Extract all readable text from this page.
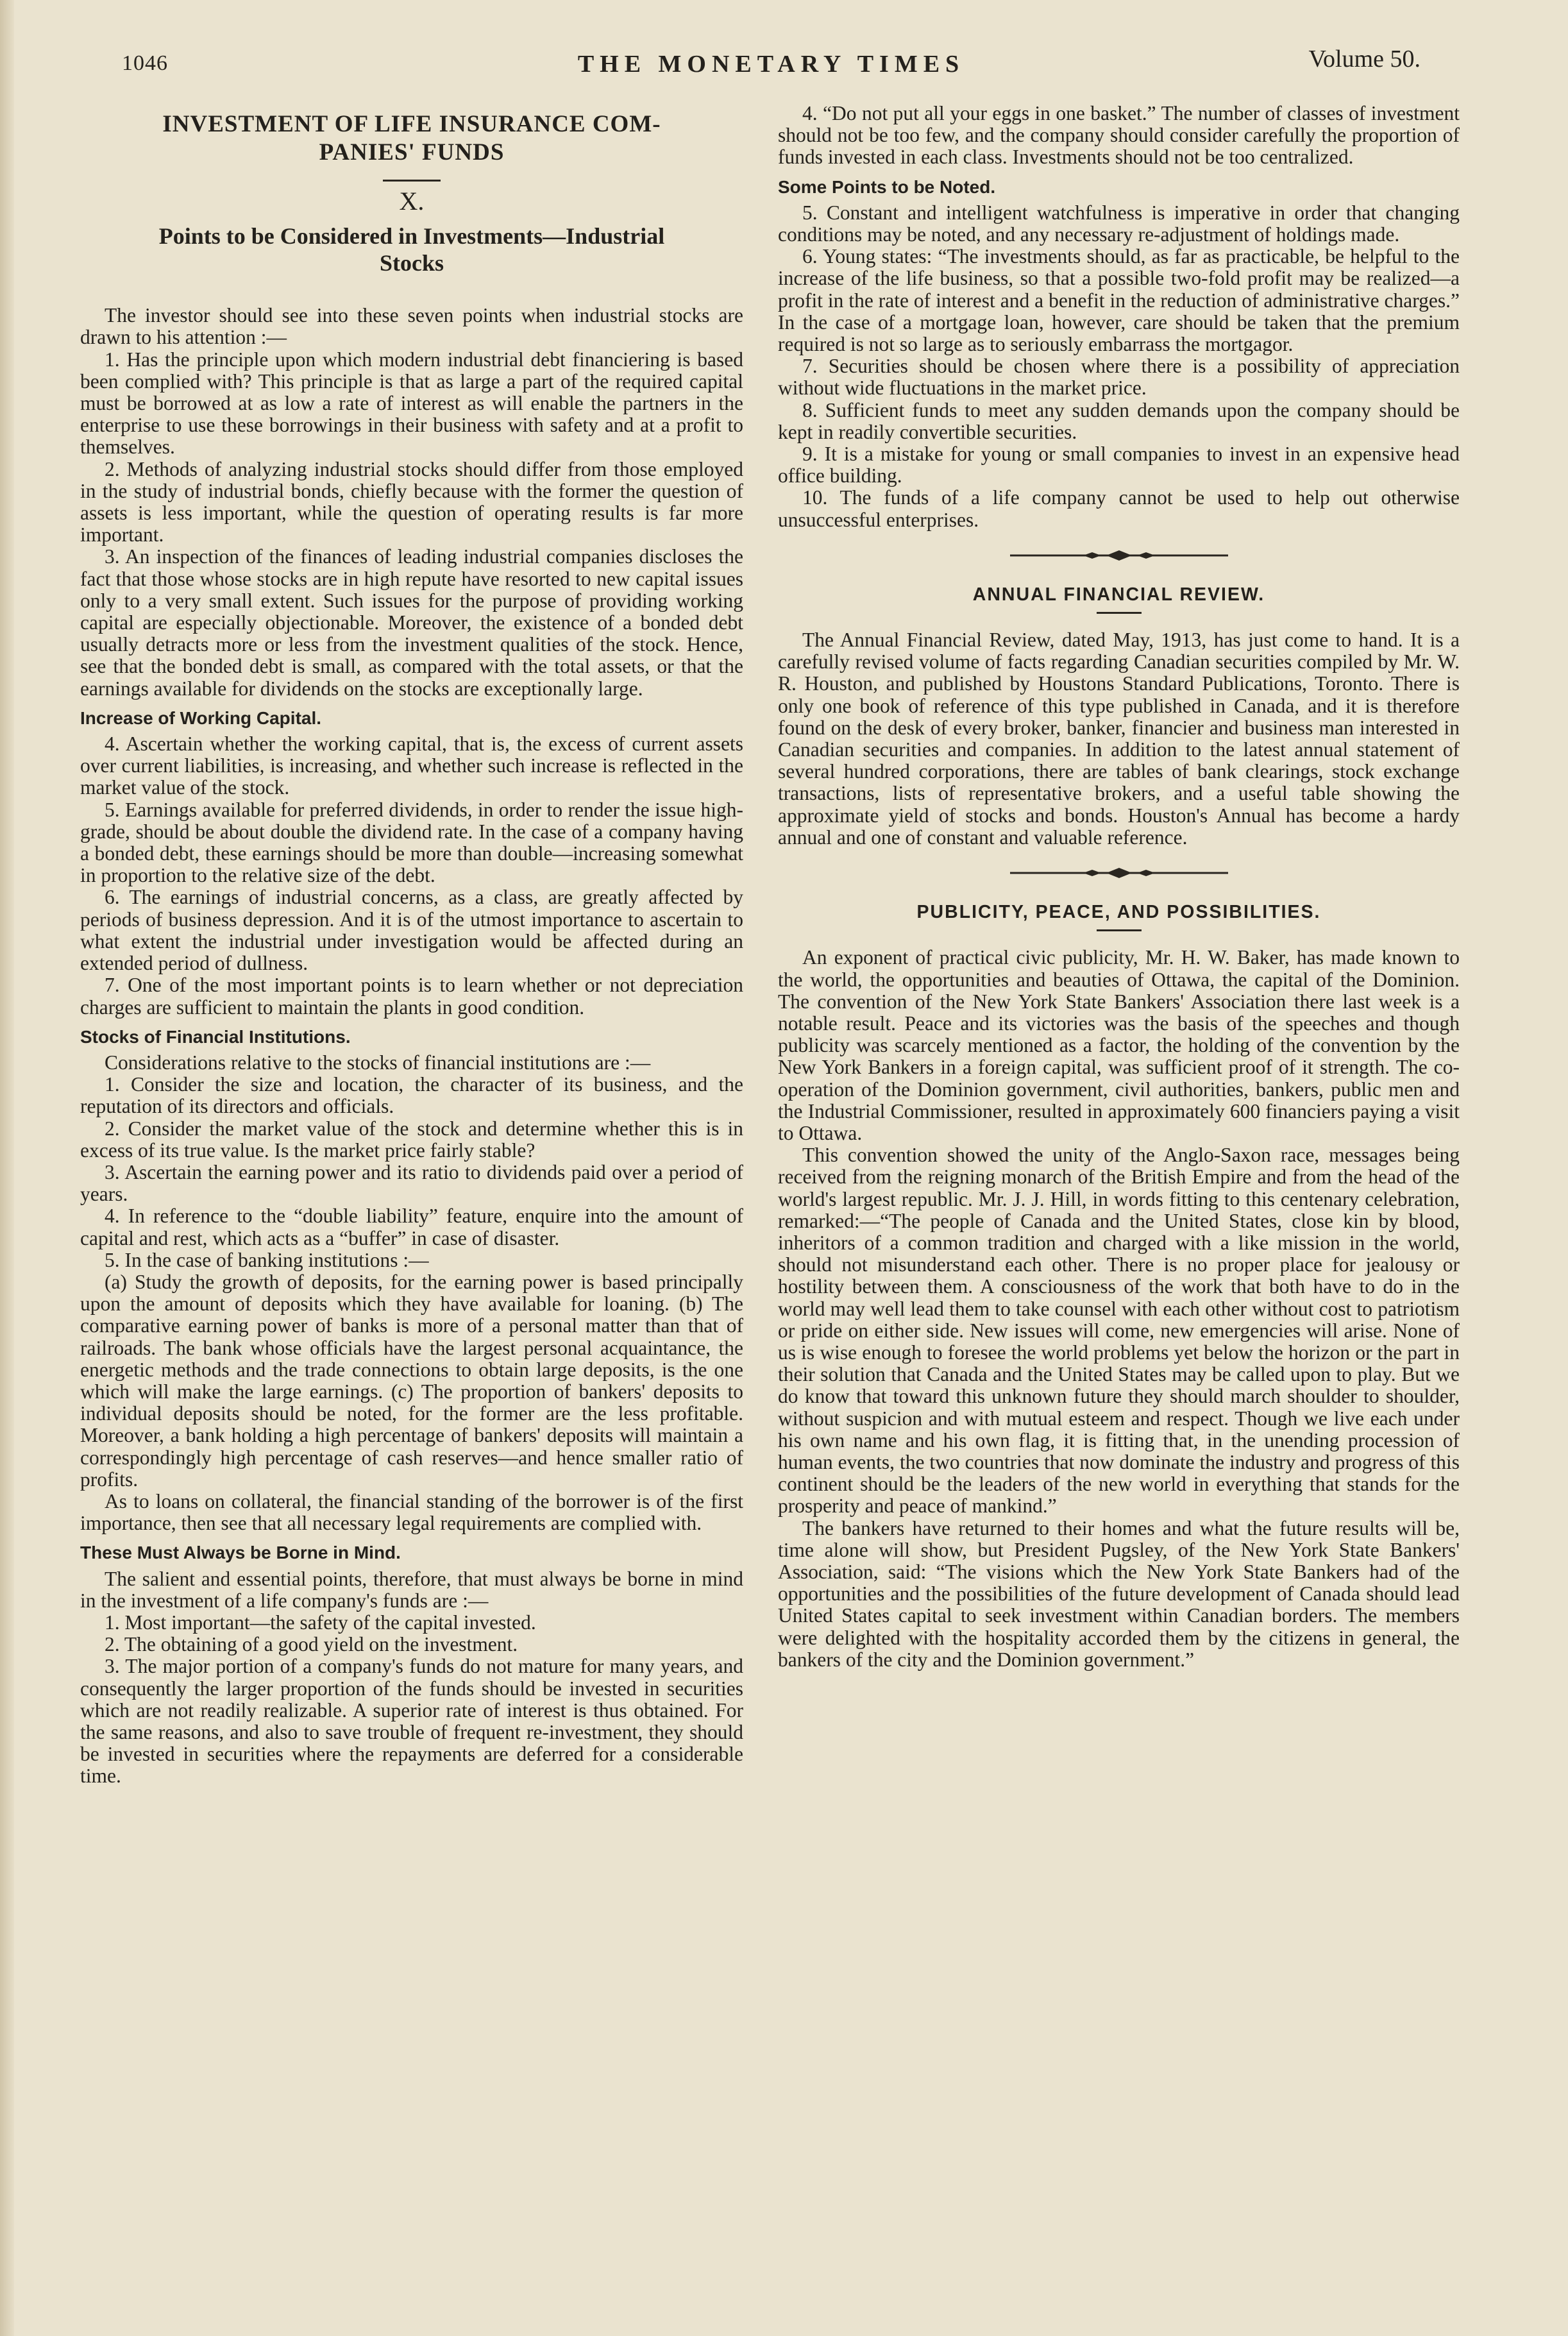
1046	THE MONETARY TIMES	Volume 50.
INVESTMENT OF LIFE INSURANCE COM-
PANIES' FUNDS
X.
Points to be Considered in Investments—Industrial
Stocks

The investor should see into these seven points when industrial stocks are drawn to his attention :—

1. Has the principle upon which modern industrial debt financiering is based been complied with? This principle is that as large a part of the required capital must be borrowed at as low a rate of interest as will enable the partners in the enterprise to use these borrowings in their business with safety and at a profit to themselves.

2. Methods of analyzing industrial stocks should differ from those employed in the study of industrial bonds, chiefly because with the former the question of assets is less important, while the question of operating results is far more important.

3. An inspection of the finances of leading industrial companies discloses the fact that those whose stocks are in high repute have resorted to new capital issues only to a very small extent. Such issues for the purpose of providing working capital are especially objectionable. Moreover, the existence of a bonded debt usually detracts more or less from the investment qualities of the stock. Hence, see that the bonded debt is small, as compared with the total assets, or that the earnings available for dividends on the stocks are exceptionally large.

Increase of Working Capital.

4. Ascertain whether the working capital, that is, the excess of current assets over current liabilities, is increasing, and whether such increase is reflected in the market value of the stock.

5. Earnings available for preferred dividends, in order to render the issue high-grade, should be about double the dividend rate. In the case of a company having a bonded debt, these earnings should be more than double—increasing somewhat in proportion to the relative size of the debt.

6. The earnings of industrial concerns, as a class, are greatly affected by periods of business depression. And it is of the utmost importance to ascertain to what extent the industrial under investigation would be affected during an extended period of dullness.

7. One of the most important points is to learn whether or not depreciation charges are sufficient to maintain the plants in good condition.

Stocks of Financial Institutions.

Considerations relative to the stocks of financial institutions are :—

1. Consider the size and location, the character of its business, and the reputation of its directors and officials.

2. Consider the market value of the stock and determine whether this is in excess of its true value. Is the market price fairly stable?

3. Ascertain the earning power and its ratio to dividends paid over a period of years.

4. In reference to the “double liability” feature, enquire into the amount of capital and rest, which acts as a “buffer” in case of disaster.

5. In the case of banking institutions :—

(a) Study the growth of deposits, for the earning power is based principally upon the amount of deposits which they have available for loaning. (b) The comparative earning power of banks is more of a personal matter than that of railroads. The bank whose officials have the largest personal acquaintance, the energetic methods and the trade connections to obtain large deposits, is the one which will make the large earnings. (c) The proportion of bankers' deposits to individual deposits should be noted, for the former are the less profitable. Moreover, a bank holding a high percentage of bankers' deposits will maintain a correspondingly high percentage of cash reserves—and hence smaller ratio of profits.

As to loans on collateral, the financial standing of the borrower is of the first importance, then see that all necessary legal requirements are complied with.

These Must Always be Borne in Mind.

The salient and essential points, therefore, that must always be borne in mind in the investment of a life company's funds are :—

1. Most important—the safety of the capital invested.

2. The obtaining of a good yield on the investment.

3. The major portion of a company's funds do not mature for many years, and consequently the larger proportion of the funds should be invested in securities which are not readily realizable. A superior rate of interest is thus obtained. For the same reasons, and also to save trouble of frequent re-investment, they should be invested in securities where the repayments are deferred for a considerable time.

4. “Do not put all your eggs in one basket.” The number of classes of investment should not be too few, and the company should consider carefully the proportion of funds invested in each class. Investments should not be too centralized.

Some Points to be Noted.

5. Constant and intelligent watchfulness is imperative in order that changing conditions may be noted, and any necessary re-adjustment of holdings made.

6. Young states: “The investments should, as far as practicable, be helpful to the increase of the life business, so that a possible two-fold profit may be realized—a profit in the rate of interest and a benefit in the reduction of administrative charges.” In the case of a mortgage loan, however, care should be taken that the premium required is not so large as to seriously embarrass the mortgagor.

7. Securities should be chosen where there is a possibility of appreciation without wide fluctuations in the market price.

8. Sufficient funds to meet any sudden demands upon the company should be kept in readily convertible securities.

9. It is a mistake for young or small companies to invest in an expensive head office building.

10. The funds of a life company cannot be used to help out otherwise unsuccessful enterprises.

ANNUAL FINANCIAL REVIEW.

The Annual Financial Review, dated May, 1913, has just come to hand. It is a carefully revised volume of facts regarding Canadian securities compiled by Mr. W. R. Houston, and published by Houstons Standard Publications, Toronto. There is only one book of reference of this type published in Canada, and it is therefore found on the desk of every broker, banker, financier and business man interested in Canadian securities and companies. In addition to the latest annual statement of several hundred corporations, there are tables of bank clearings, stock exchange transactions, lists of representative brokers, and a useful table showing the approximate yield of stocks and bonds. Houston's Annual has become a hardy annual and one of constant and valuable reference.

PUBLICITY, PEACE, AND POSSIBILITIES.

An exponent of practical civic publicity, Mr. H. W. Baker, has made known to the world, the opportunities and beauties of Ottawa, the capital of the Dominion. The convention of the New York State Bankers' Association there last week is a notable result. Peace and its victories was the basis of the speeches and though publicity was scarcely mentioned as a factor, the holding of the convention by the New York Bankers in a foreign capital, was sufficient proof of it strength. The co-operation of the Dominion government, civil authorities, bankers, public men and the Industrial Commissioner, resulted in approximately 600 financiers paying a visit to Ottawa.

This convention showed the unity of the Anglo-Saxon race, messages being received from the reigning monarch of the British Empire and from the head of the world's largest republic. Mr. J. J. Hill, in words fitting to this centenary celebration, remarked:—“The people of Canada and the United States, close kin by blood, inheritors of a common tradition and charged with a like mission in the world, should not misunderstand each other. There is no proper place for jealousy or hostility between them. A consciousness of the work that both have to do in the world may well lead them to take counsel with each other without cost to patriotism or pride on either side. New issues will come, new emergencies will arise. None of us is wise enough to foresee the world problems yet below the horizon or the part in their solution that Canada and the United States may be called upon to play. But we do know that toward this unknown future they should march shoulder to shoulder, without suspicion and with mutual esteem and respect. Though we live each under his own name and his own flag, it is fitting that, in the unending procession of human events, the two countries that now dominate the industry and progress of this continent should be the leaders of the new world in everything that stands for the prosperity and peace of mankind.”

The bankers have returned to their homes and what the future results will be, time alone will show, but President Pugsley, of the New York State Bankers' Association, said: “The visions which the New York State Bankers had of the opportunities and the possibilities of the future development of Canada should lead United States capital to seek investment within Canadian borders. The members were delighted with the hospitality accorded them by the citizens in general, the bankers of the city and the Dominion government.”
